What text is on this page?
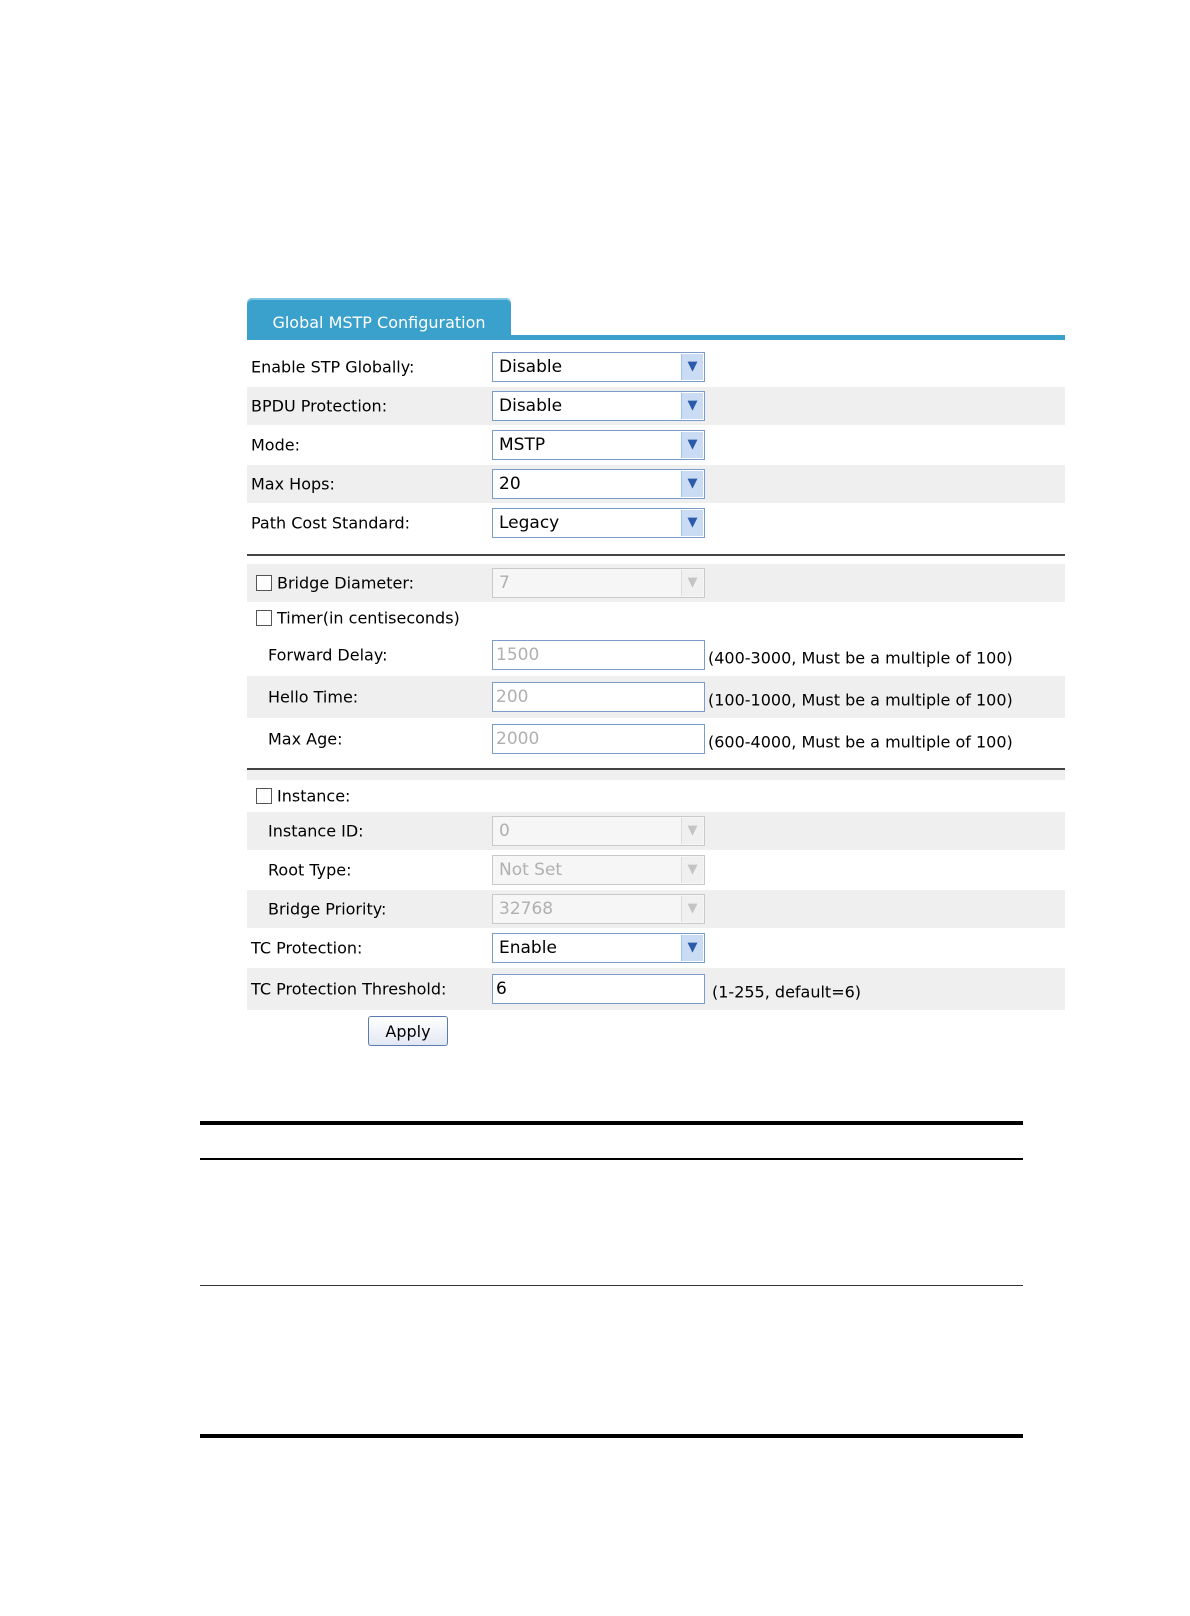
Global MSTP Configuration
Enable STP Globally:	Disable	▼
BPDU Protection:	Disable	▼
Mode:	MSTP	▼
Max Hops:	20	▼
Path Cost Standard:	Legacy	▼
Bridge Diameter:	7	▼
Timer(in centiseconds)
Forward Delay:	1500	(400-3000, Must be a multiple of 100)
Hello Time:	200	(100-1000, Must be a multiple of 100)
Max Age:	2000	(600-4000, Must be a multiple of 100)
Instance:
Instance ID:	0	▼
Root Type:	Not Set	▼
Bridge Priority:	32768	▼
TC Protection:	Enable	▼
TC Protection Threshold:	6	(1-255, default=6)
Apply
